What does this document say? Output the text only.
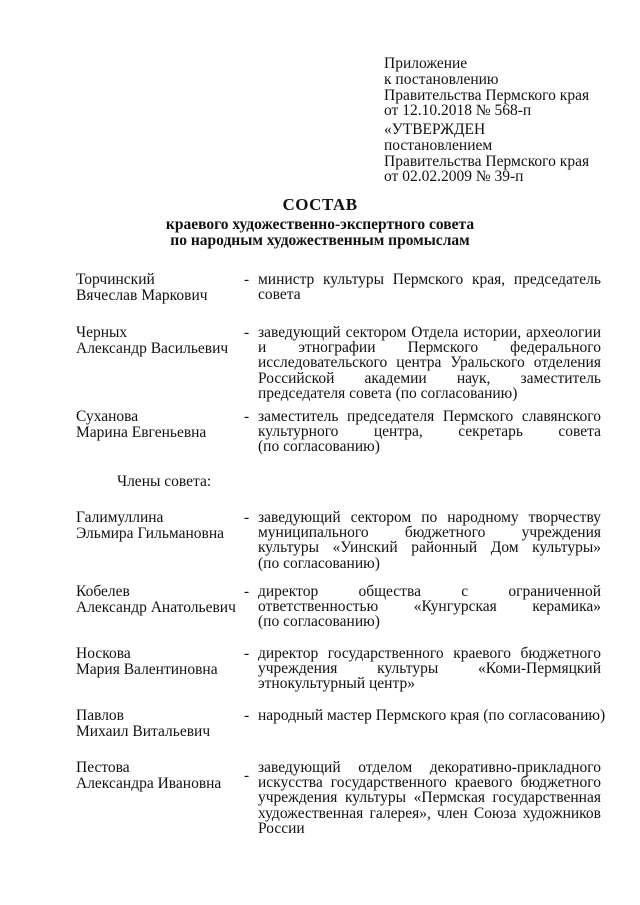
Приложение
к постановлению
Правительства Пермского края
от 12.10.2018 № 568-п
«УТВЕРЖДЕН
постановлением
Правительства Пермского края
от 02.02.2009 № 39-п
СОСТАВ
краевого художественно-экспертного совета
по народным художественным промыслам
Торчинский
Вячеслав Маркович
- министр культуры Пермского края, председатель
совета
Черных
Александр Васильевич
- заведующий сектором Отдела истории, археологии
и этнографии Пермского федерального
исследовательского центра Уральского отделения
Российской академии наук, заместитель
председателя совета (по согласованию)
Суханова
Марина Евгеньевна
- заместитель председателя Пермского славянского
культурного центра, секретарь совета
(по согласованию)
Члены совета:
Галимуллина
Эльмира Гильмановна
- заведующий сектором по народному творчеству
муниципального бюджетного учреждения
культуры «Уинский районный Дом культуры»
(по согласованию)
Кобелев
Александр Анатольевич
- директор общества с ограниченной
ответственностью «Кунгурская керамика»
(по согласованию)
Носкова
Мария Валентиновна
- директор государственного краевого бюджетного
учреждения культуры «Коми-Пермяцкий
этнокультурный центр»
Павлов
Михаил Витальевич
- народный мастер Пермского края (по согласованию)
Пестова
Александра Ивановна	- заведующий отделом декоративно-прикладного
искусства государственного краевого бюджетного
учреждения культуры «Пермская государственная
художественная галерея», член Союза художников
России
